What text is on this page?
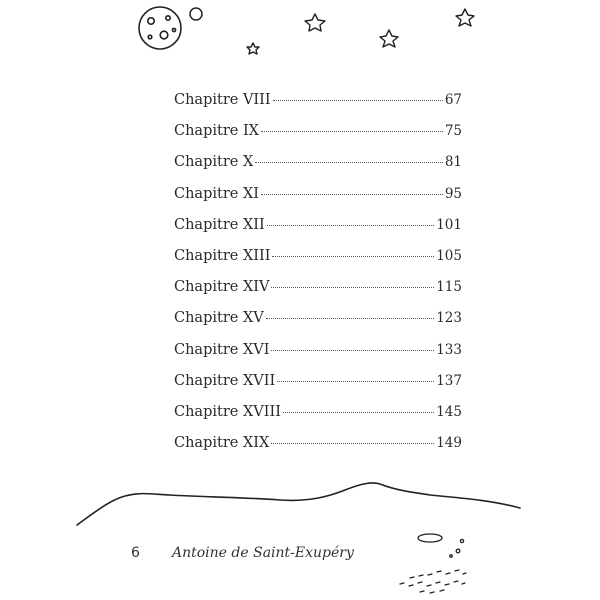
Chapitre VIII	67
Chapitre IX	75
Chapitre X	81
Chapitre XI	95
Chapitre XII	101
Chapitre XIII	105
Chapitre XIV	115
Chapitre XV	123
Chapitre XVI	133
Chapitre XVII	137
Chapitre XVIII	145
Chapitre XIX	149
6 Antoine de Saint-Exupéry
